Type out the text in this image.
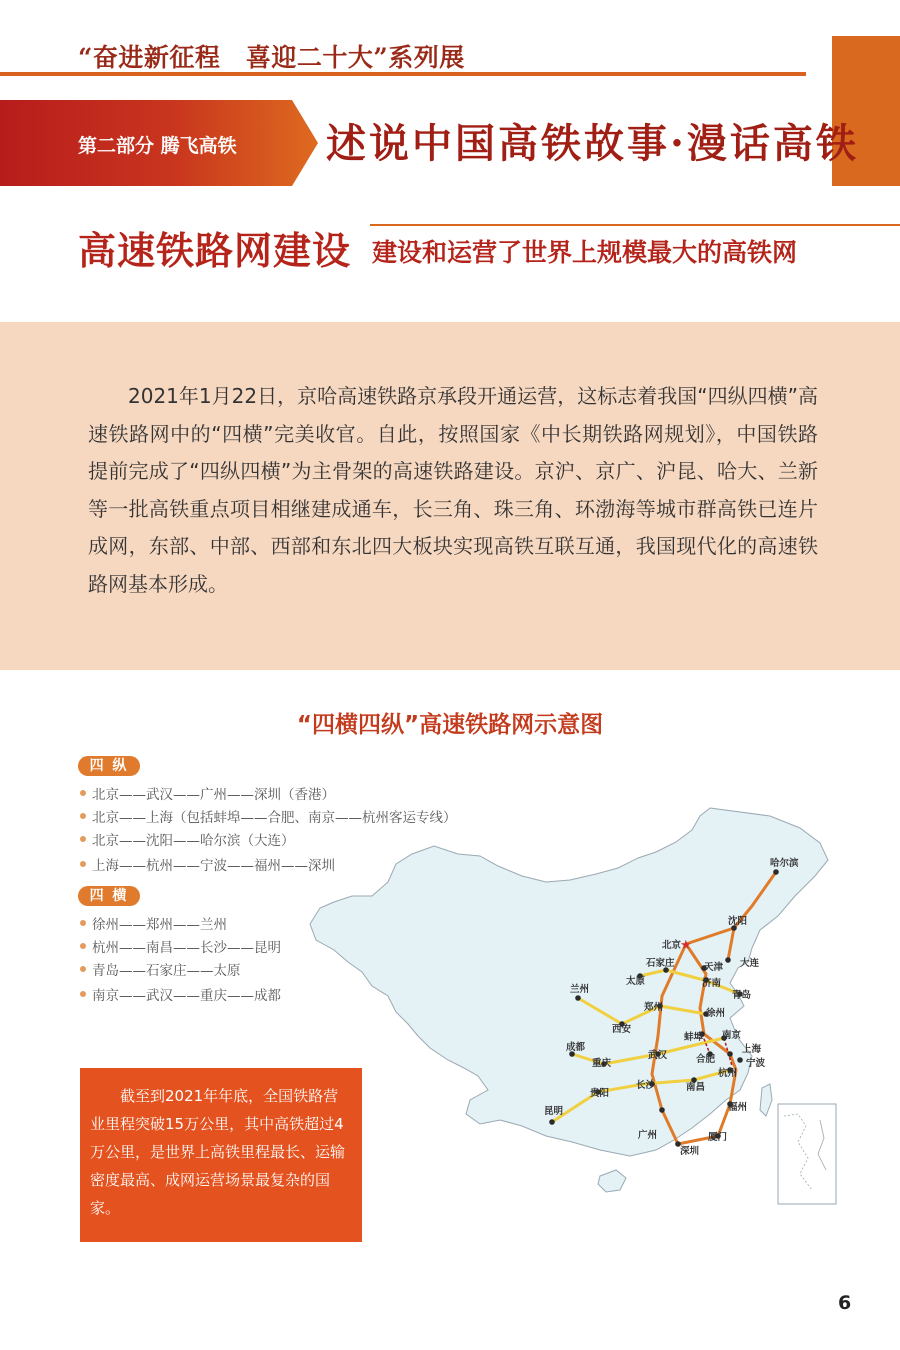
“奋进新征程　喜迎二十大”系列展
第二部分 腾飞高铁 述说中国高铁故事·漫话高铁
高速铁路网建设 建设和运营了世界上规模最大的高铁网

2021年1月22日，京哈高速铁路京承段开通运营，这标志着我国“四纵四横”高速铁路网中的“四横”完美收官。自此，按照国家《中长期铁路网规划》，中国铁路提前完成了“四纵四横”为主骨架的高速铁路建设。京沪、京广、沪昆、哈大、兰新等一批高铁重点项目相继建成通车，长三角、珠三角、环渤海等城市群高铁已连片成网，东部、中部、西部和东北四大板块实现高铁互联互通，我国现代化的高速铁路网基本形成。

“四横四纵”高速铁路网示意图
四 纵
北京——武汉——广州——深圳（香港）
北京——上海（包括蚌埠——合肥、南京——杭州客运专线）
北京——沈阳——哈尔滨（大连）
上海——杭州——宁波——福州——深圳
四 横
徐州——郑州——兰州
杭州——南昌——长沙——昆明
青岛——石家庄——太原
南京——武汉——重庆——成都
★
哈尔滨
沈阳
北京
天津 大连
石家庄
太原	济南
青岛
兰州
郑州
徐州
西安
蚌埠 南京
上海
合肥
成都
武汉
宁波
重庆
杭州
贵阳
长沙	南昌
昆明	福州
广州	厦门
深圳

截至到2021年年底，全国铁路营业里程突破15万公里，其中高铁超过4万公里，是世界上高铁里程最长、运输密度最高、成网运营场景最复杂的国家。

6
